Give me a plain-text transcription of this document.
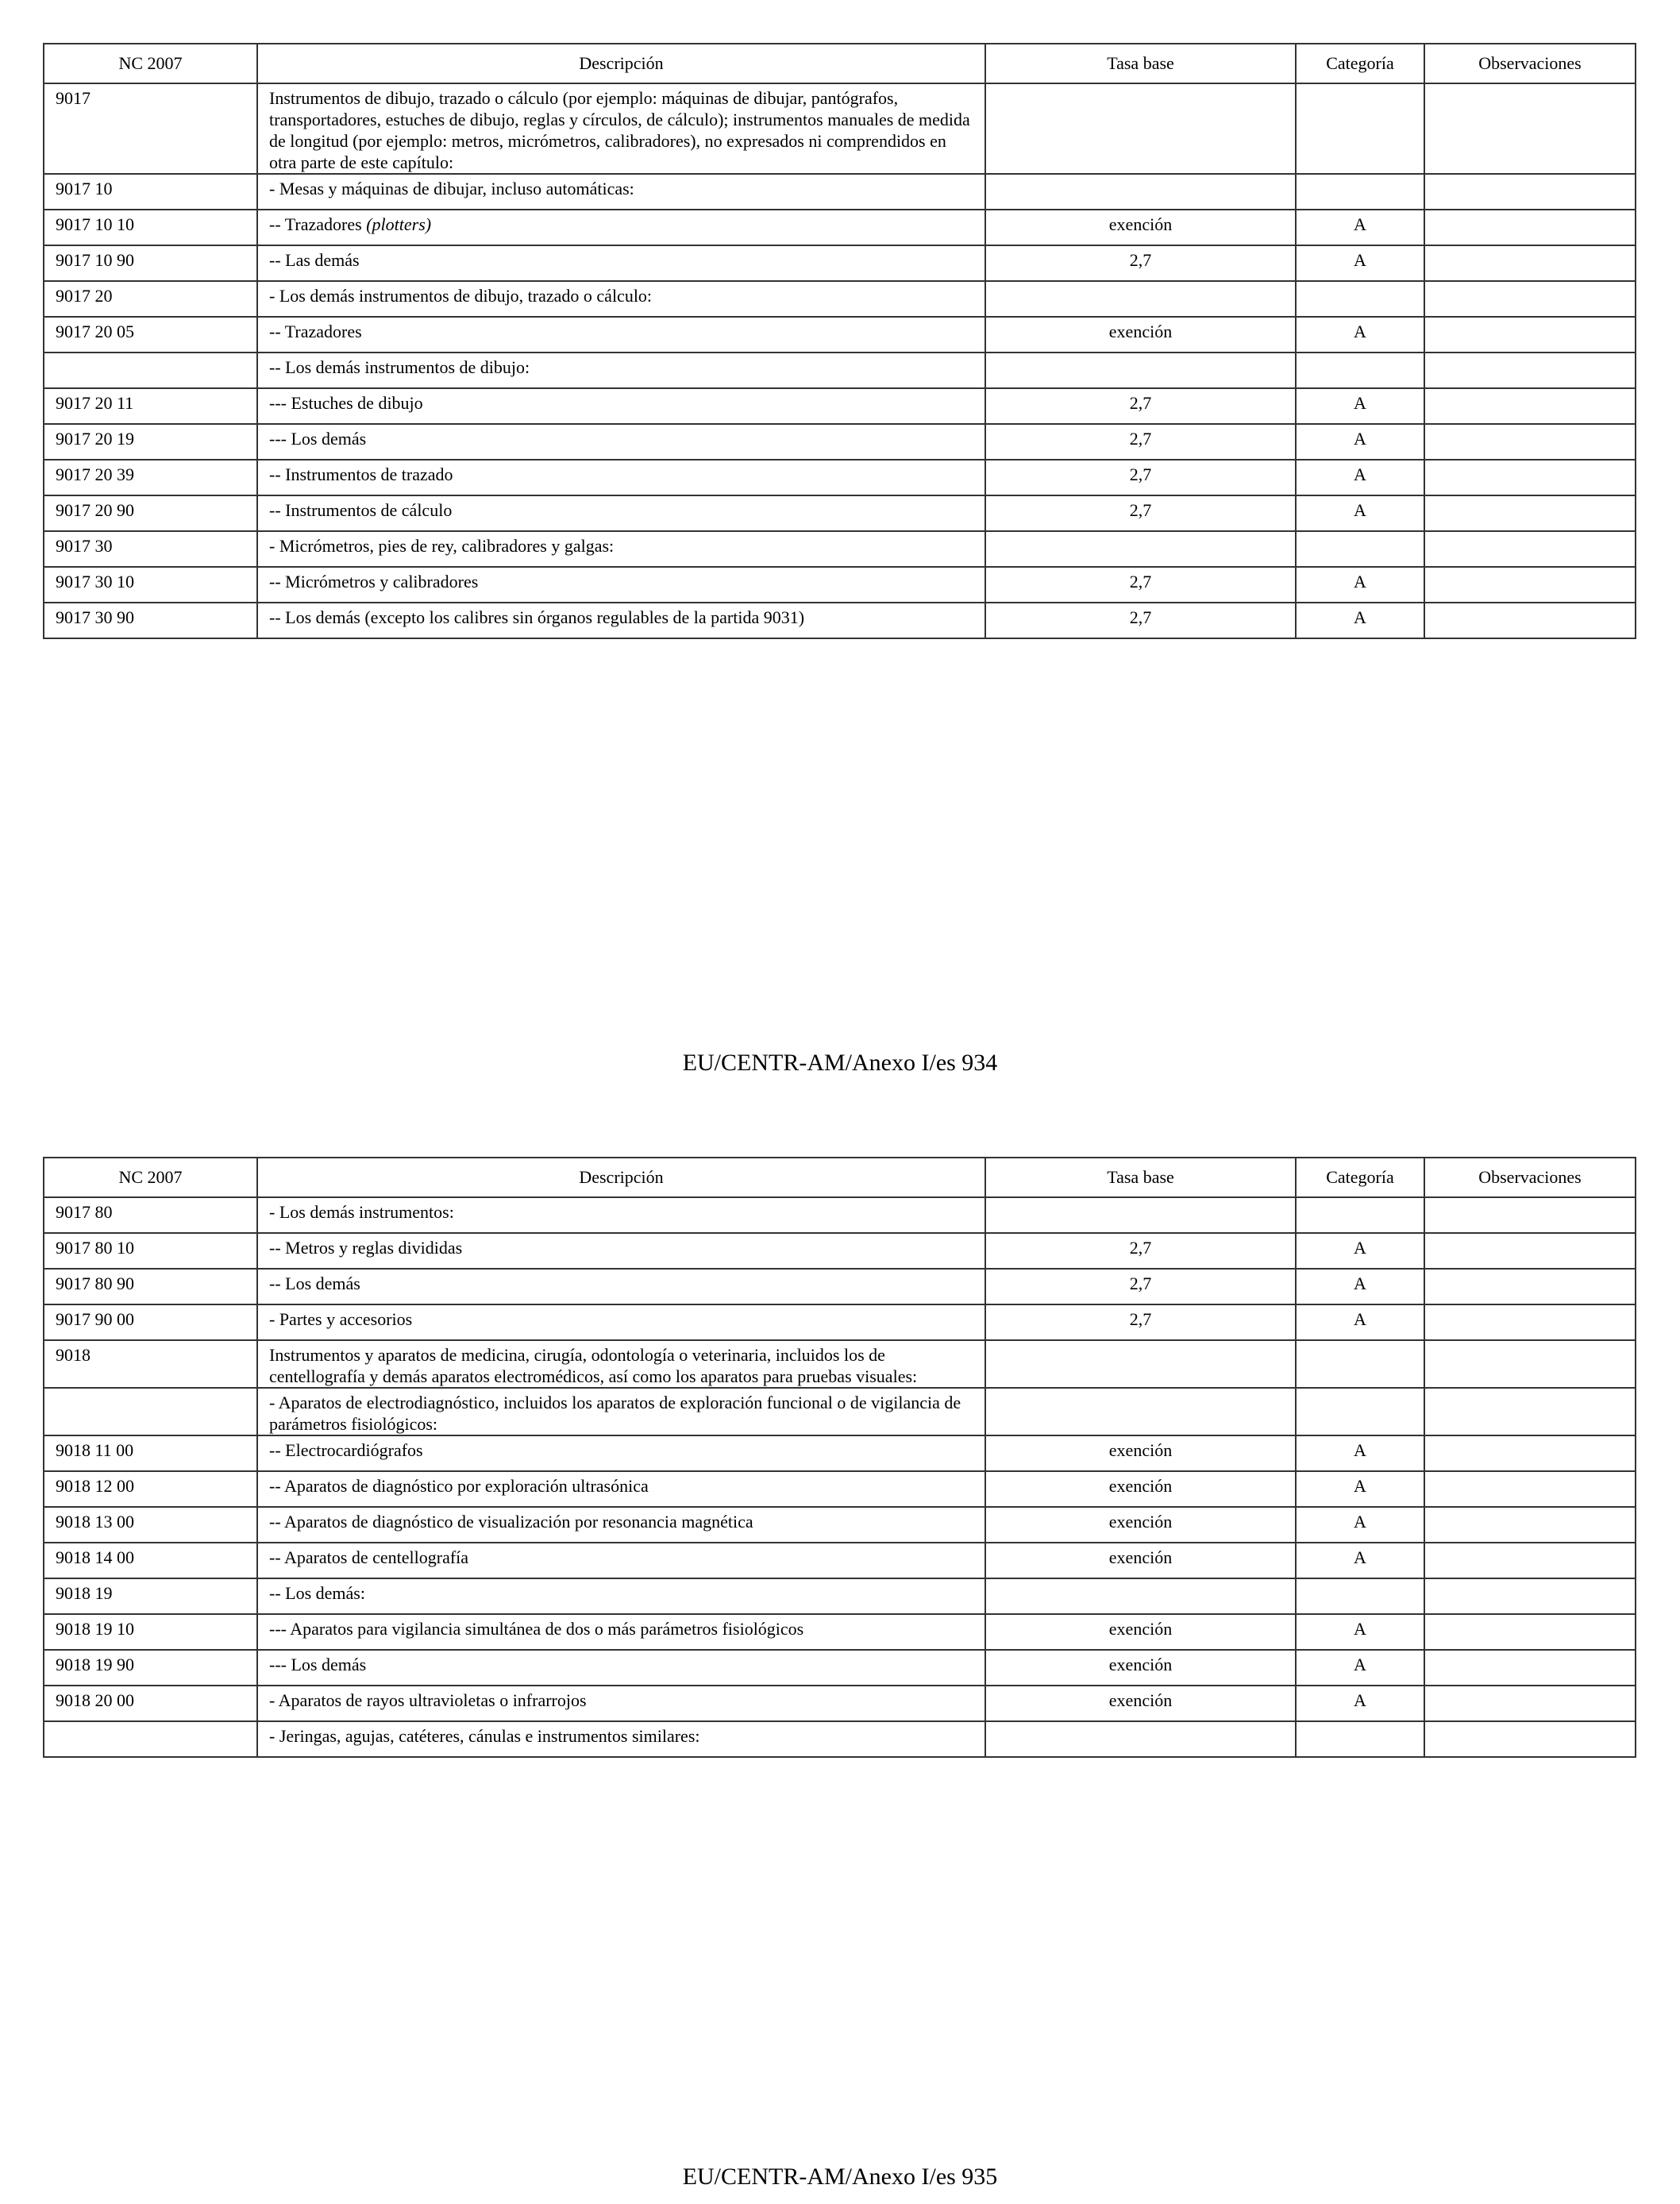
NC 2007	Descripción	Tasa base	Categoría	Observaciones
9017	Instrumentos de dibujo, trazado o cálculo (por ejemplo: máquinas de dibujar, pantógrafos, transportadores, estuches de dibujo, reglas y círculos, de cálculo); instrumentos manuales de medida de longitud (por ejemplo: metros, micrómetros, calibradores), no expresados ni comprendidos en otra parte de este capítulo:			
9017 10	- Mesas y máquinas de dibujar, incluso automáticas:			
9017 10 10	-- Trazadores (plotters)	exención	A	
9017 10 90	-- Las demás	2,7	A	
9017 20	- Los demás instrumentos de dibujo, trazado o cálculo:			
9017 20 05	-- Trazadores	exención	A	
	-- Los demás instrumentos de dibujo:			
9017 20 11	--- Estuches de dibujo	2,7	A	
9017 20 19	--- Los demás	2,7	A	
9017 20 39	-- Instrumentos de trazado	2,7	A	
9017 20 90	-- Instrumentos de cálculo	2,7	A	
9017 30	- Micrómetros, pies de rey, calibradores y galgas:			
9017 30 10	-- Micrómetros y calibradores	2,7	A	
9017 30 90	-- Los demás (excepto los calibres sin órganos regulables de la partida 9031)	2,7	A	
EU/CENTR-AM/Anexo I/es 934
NC 2007	Descripción	Tasa base	Categoría	Observaciones
9017 80	- Los demás instrumentos:			
9017 80 10	-- Metros y reglas divididas	2,7	A	
9017 80 90	-- Los demás	2,7	A	
9017 90 00	- Partes y accesorios	2,7	A	
9018	Instrumentos y aparatos de medicina, cirugía, odontología o veterinaria, incluidos los de centellografía y demás aparatos electromédicos, así como los aparatos para pruebas visuales:			
	- Aparatos de electrodiagnóstico, incluidos los aparatos de exploración funcional o de vigilancia de parámetros fisiológicos:			
9018 11 00	-- Electrocardiógrafos	exención	A	
9018 12 00	-- Aparatos de diagnóstico por exploración ultrasónica	exención	A	
9018 13 00	-- Aparatos de diagnóstico de visualización por resonancia magnética	exención	A	
9018 14 00	-- Aparatos de centellografía	exención	A	
9018 19	-- Los demás:			
9018 19 10	--- Aparatos para vigilancia simultánea de dos o más parámetros fisiológicos	exención	A	
9018 19 90	--- Los demás	exención	A	
9018 20 00	- Aparatos de rayos ultravioletas o infrarrojos	exención	A	
	- Jeringas, agujas, catéteres, cánulas e instrumentos similares:			
EU/CENTR-AM/Anexo I/es 935
